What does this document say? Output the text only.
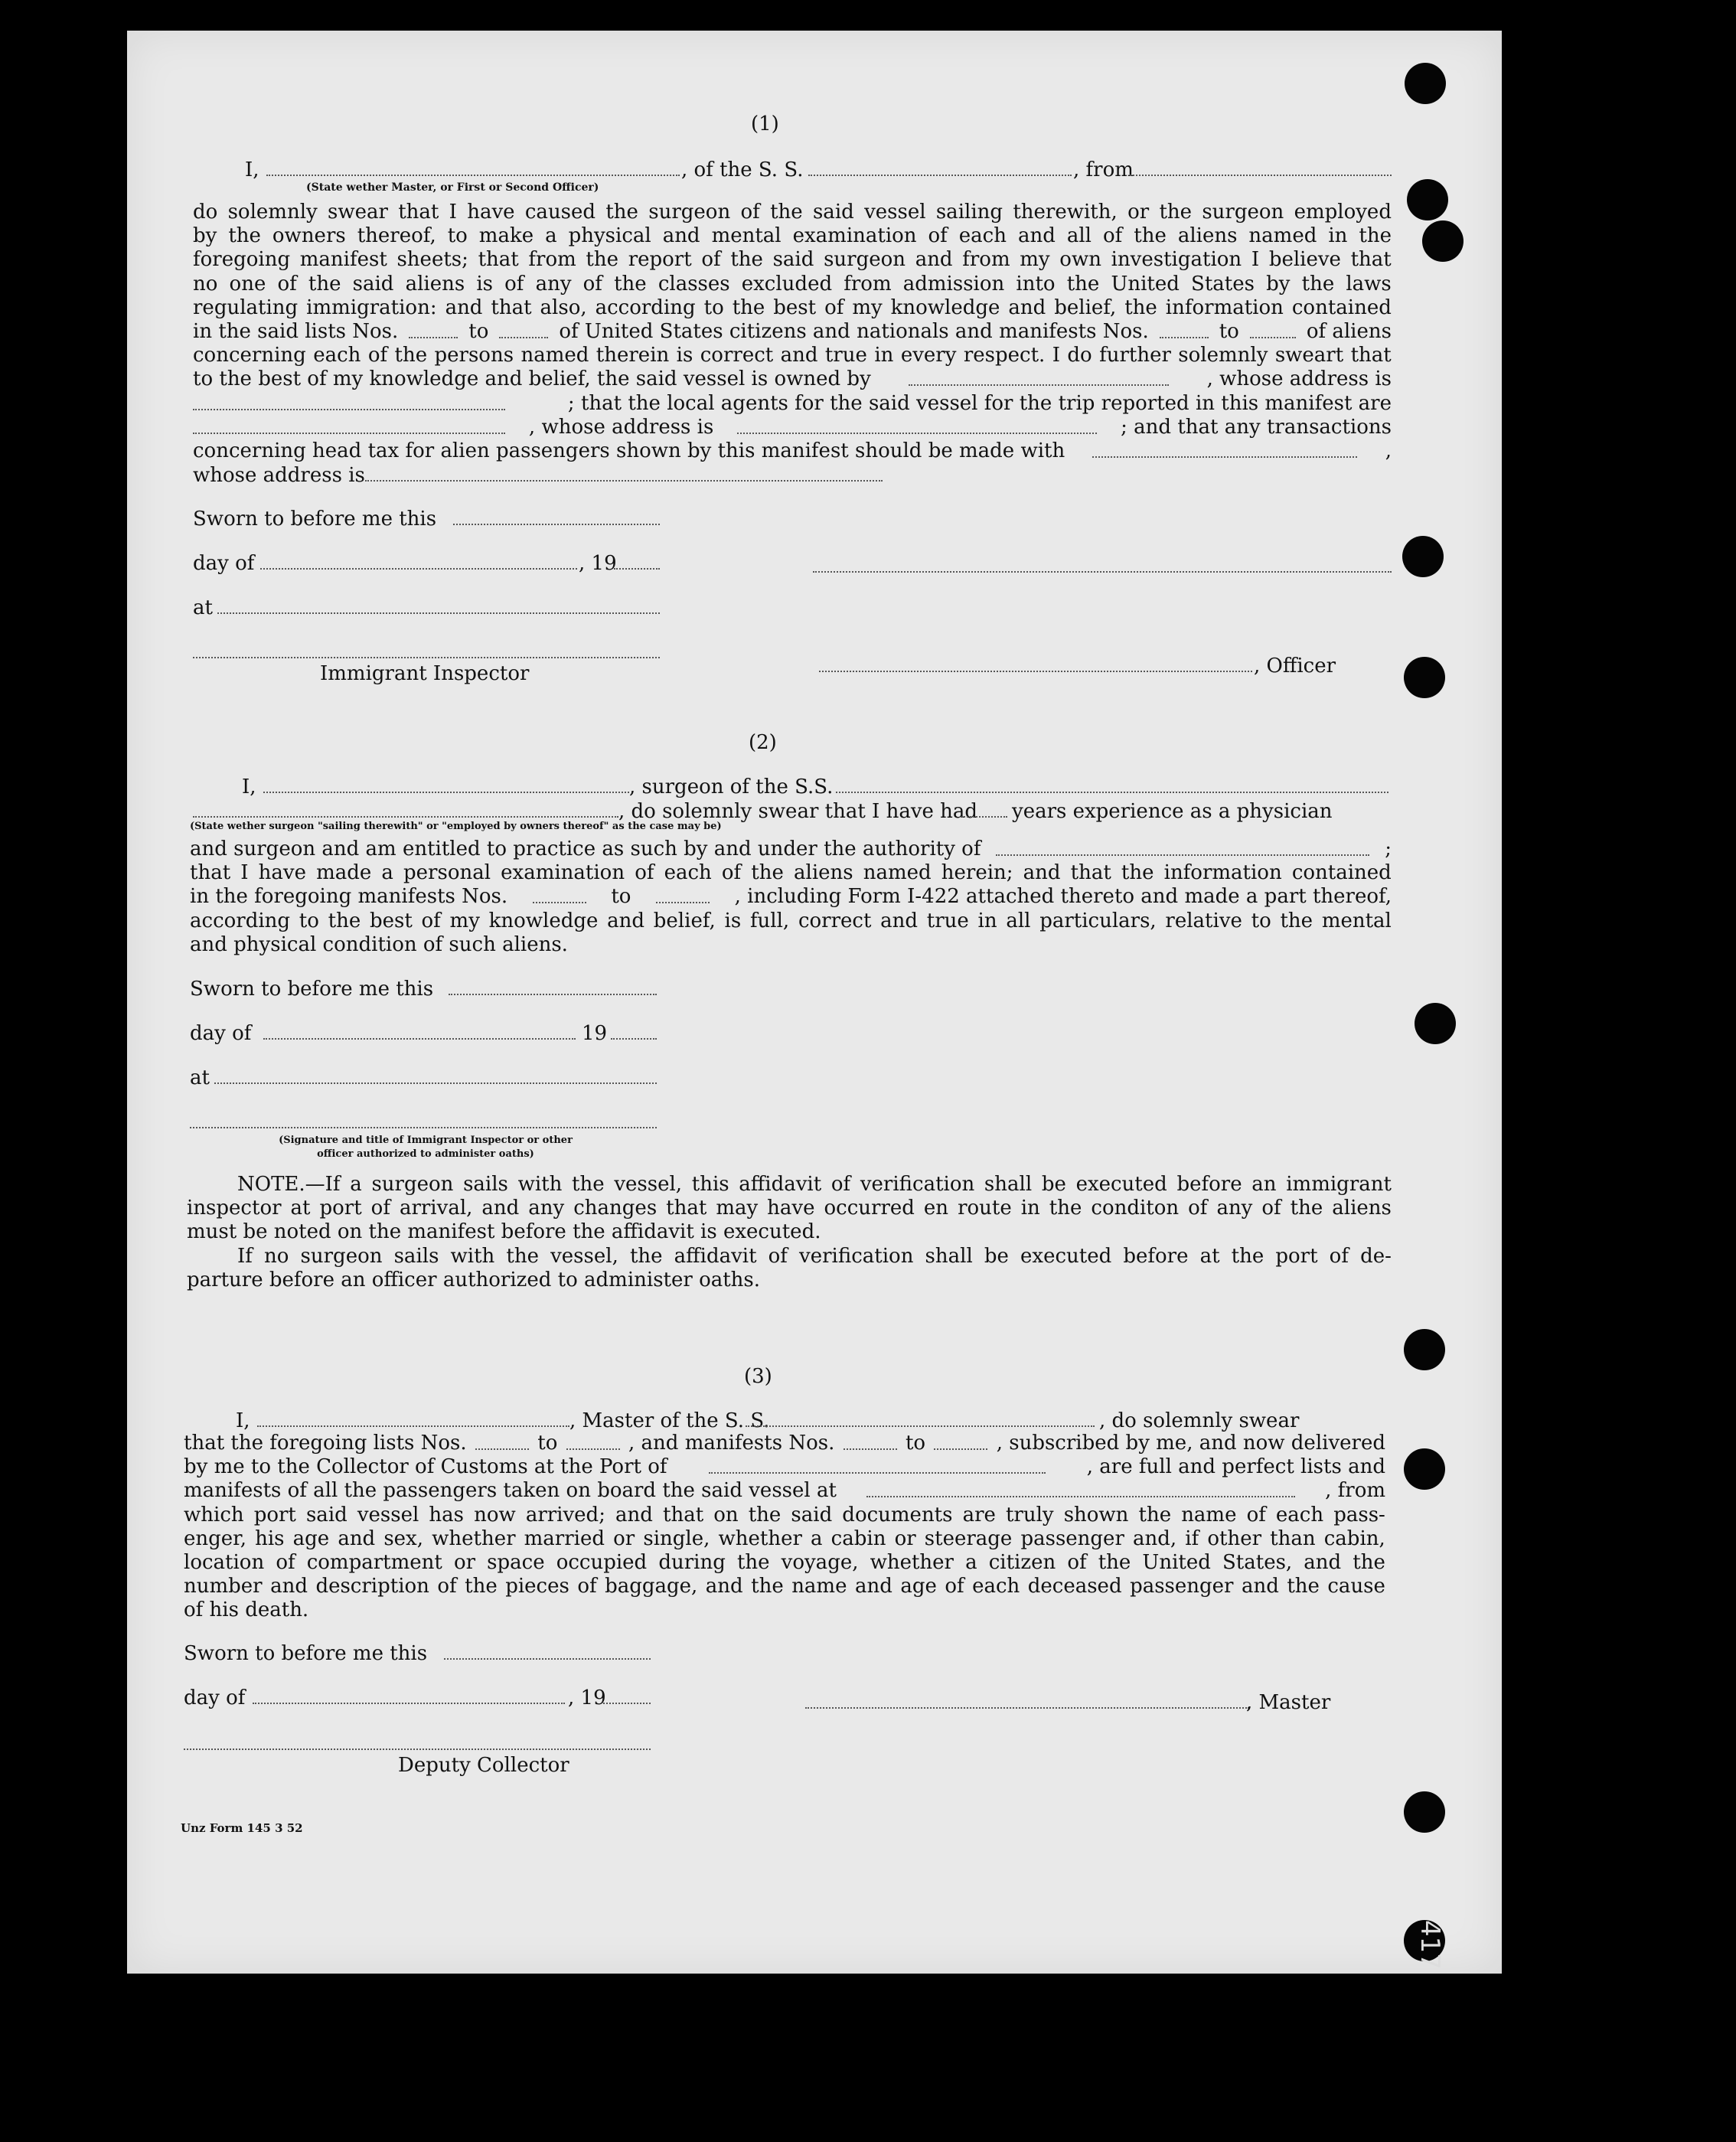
(1)
I,	, of the S. S.	, from
(State wether Master, or First or Second Officer)
do solemnly swear that I have caused the surgeon of the said vessel sailing therewith, or the surgeon employed
by the owners thereof, to make a physical and mental examination of each and all of the aliens named in the
foregoing manifest sheets; that from the report of the said surgeon and from my own investigation I believe that
no one of the said aliens is of any of the classes excluded from admission into the United States by the laws
regulating immigration: and that also, according to the best of my knowledge and belief, the information contained
in the said lists Nos.	to	of United States citizens and nationals and manifests Nos.	to	of aliens
concerning each of the persons named therein is correct and true in every respect. I do further solemnly sweart that
to the best of my knowledge and belief, the said vessel is owned by	, whose address is
; that the local agents for the said vessel for the trip reported in this manifest are
, whose address is	; and that any transactions
concerning head tax for alien passengers shown by this manifest should be made with	,
whose address is
Sworn to before me this
day of	, 19
at
Immigrant Inspector	, Officer
(2)
I,	, surgeon of the S.S.
, do solemnly swear that I have had years experience as a physician
(State wether surgeon "sailing therewith" or "employed by owners thereof" as the case may be)
and surgeon and am entitled to practice as such by and under the authority of	;
that I have made a personal examination of each of the aliens named herein; and that the information contained
in the foregoing manifests Nos.	to	, including Form I-422 attached thereto and made a part thereof,
according to the best of my knowledge and belief, is full, correct and true in all particulars, relative to the mental
and physical condition of such aliens.
Sworn to before me this
day of	19
at
(Signature and title of Immigrant Inspector or other
officer authorized to administer oaths)
NOTE.—If a surgeon sails with the vessel, this affidavit of verification shall be executed before an immigrant
inspector at port of arrival, and any changes that may have occurred en route in the conditon of any of the aliens
must be noted on the manifest before the affidavit is executed.
If no surgeon sails with the vessel, the affidavit of verification shall be executed before at the port of de-
parture before an officer authorized to administer oaths.
(3)
I,	, Master of the S. S.	, do solemnly swear
that the foregoing lists Nos.	to	, and manifests Nos.	to	, subscribed by me, and now delivered
by me to the Collector of Customs at the Port of	, are full and perfect lists and
manifests of all the passengers taken on board the said vessel at	, from
which port said vessel has now arrived; and that on the said documents are truly shown the name of each pass-
enger, his age and sex, whether married or single, whether a cabin or steerage passenger and, if other than cabin,
location of compartment or space occupied during the voyage, whether a citizen of the United States, and the
number and description of the pieces of baggage, and the name and age of each deceased passenger and the cause
of his death.
Sworn to before me this
day of	, 19	, Master
Deputy Collector
Unz Form 145 3 52
417
